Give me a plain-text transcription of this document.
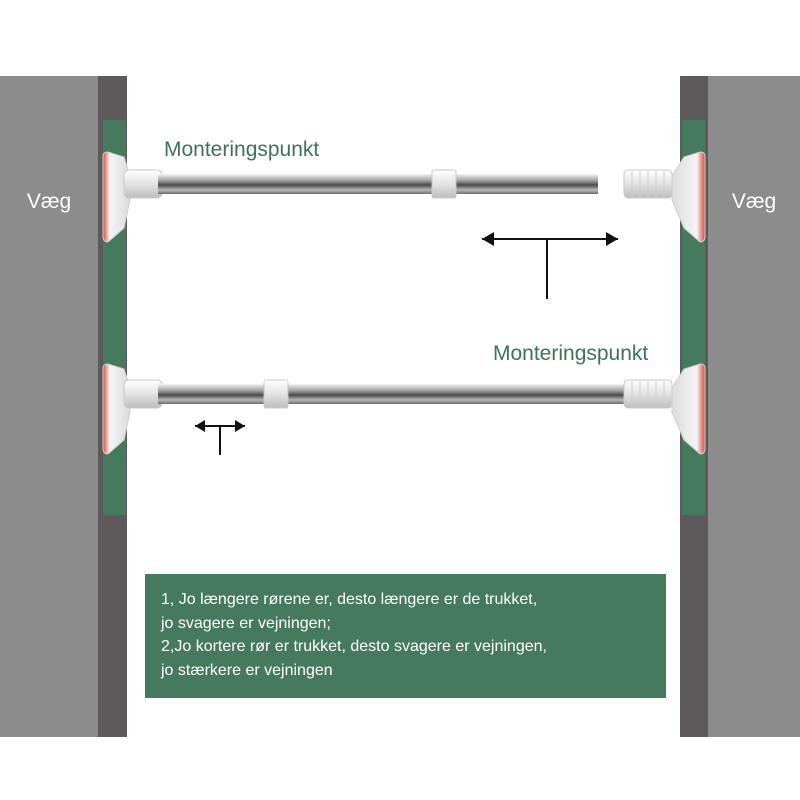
Væg	Væg
Monteringspunkt
Monteringspunkt

1, Jo længere rørene er, desto længere er de trukket,

jo svagere er vejningen;

2,Jo kortere rør er trukket, desto svagere er vejningen,

jo stærkere er vejningen
